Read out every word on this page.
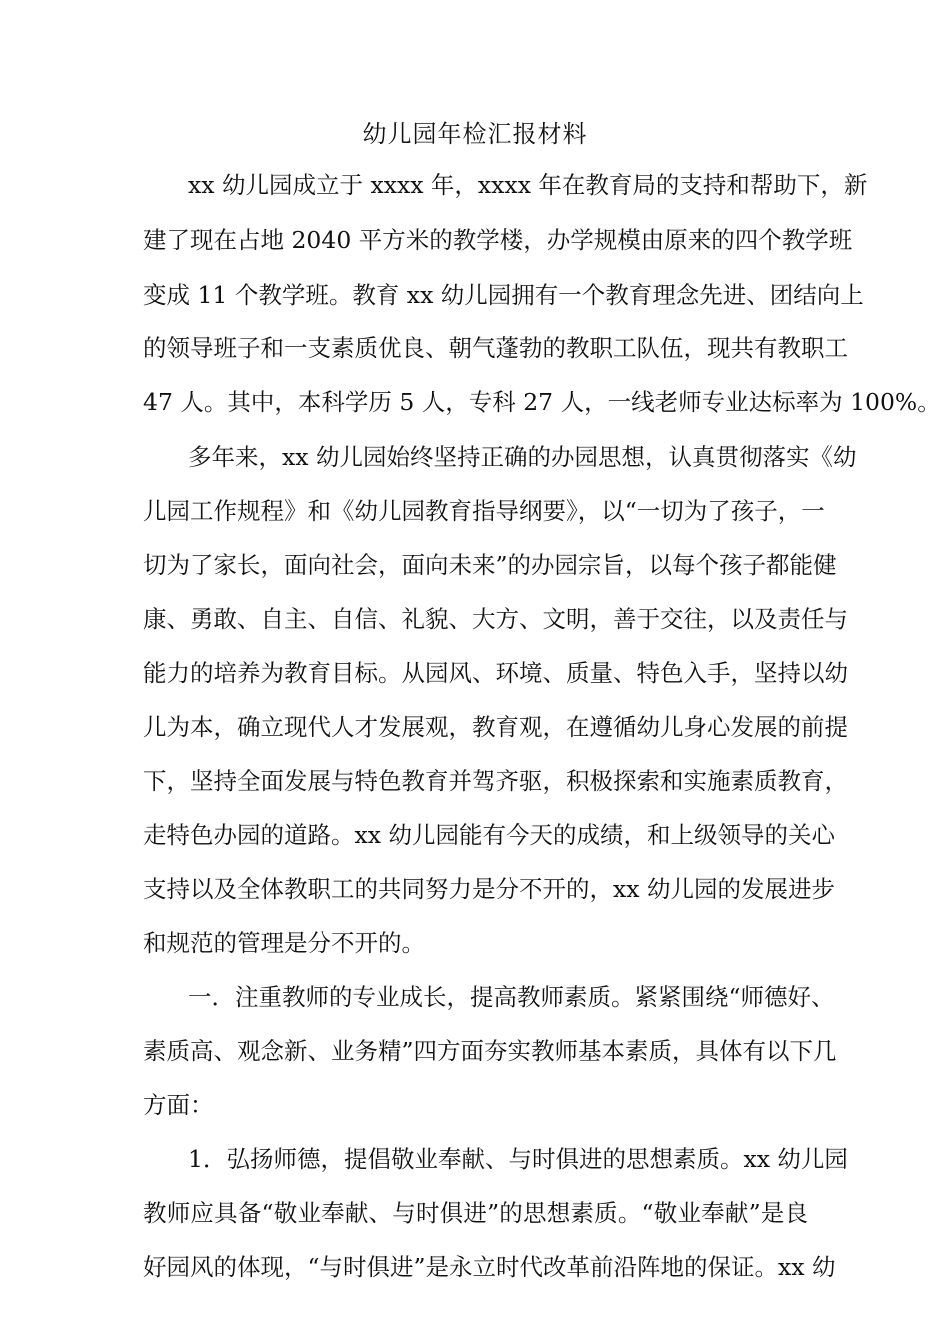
幼儿园年检汇报材料
xx 幼儿园成立于 xxxx 年，xxxx 年在教育局的支持和帮助下，新
建了现在占地 2040 平方米的教学楼，办学规模由原来的四个教学班
变成 11 个教学班。教育 xx 幼儿园拥有一个教育理念先进、团结向上
的领导班子和一支素质优良、朝气蓬勃的教职工队伍，现共有教职工
47 人。其中，本科学历 5 人，专科 27 人，一线老师专业达标率为 100%。
多年来，xx 幼儿园始终坚持正确的办园思想，认真贯彻落实《幼
儿园工作规程》和《幼儿园教育指导纲要》，以“一切为了孩子，一
切为了家长，面向社会，面向未来”的办园宗旨，以每个孩子都能健
康、勇敢、自主、自信、礼貌、大方、文明，善于交往，以及责任与
能力的培养为教育目标。从园风、环境、质量、特色入手，坚持以幼
儿为本，确立现代人才发展观，教育观，在遵循幼儿身心发展的前提
下，坚持全面发展与特色教育并驾齐驱，积极探索和实施素质教育，
走特色办园的道路。xx 幼儿园能有今天的成绩，和上级领导的关心
支持以及全体教职工的共同努力是分不开的，xx 幼儿园的发展进步
和规范的管理是分不开的。
一．注重教师的专业成长，提高教师素质。紧紧围绕“师德好、
素质高、观念新、业务精”四方面夯实教师基本素质，具体有以下几
方面：
1．弘扬师德，提倡敬业奉献、与时俱进的思想素质。xx 幼儿园
教师应具备“敬业奉献、与时俱进”的思想素质。“敬业奉献”是良
好园风的体现，“与时俱进”是永立时代改革前沿阵地的保证。xx 幼
